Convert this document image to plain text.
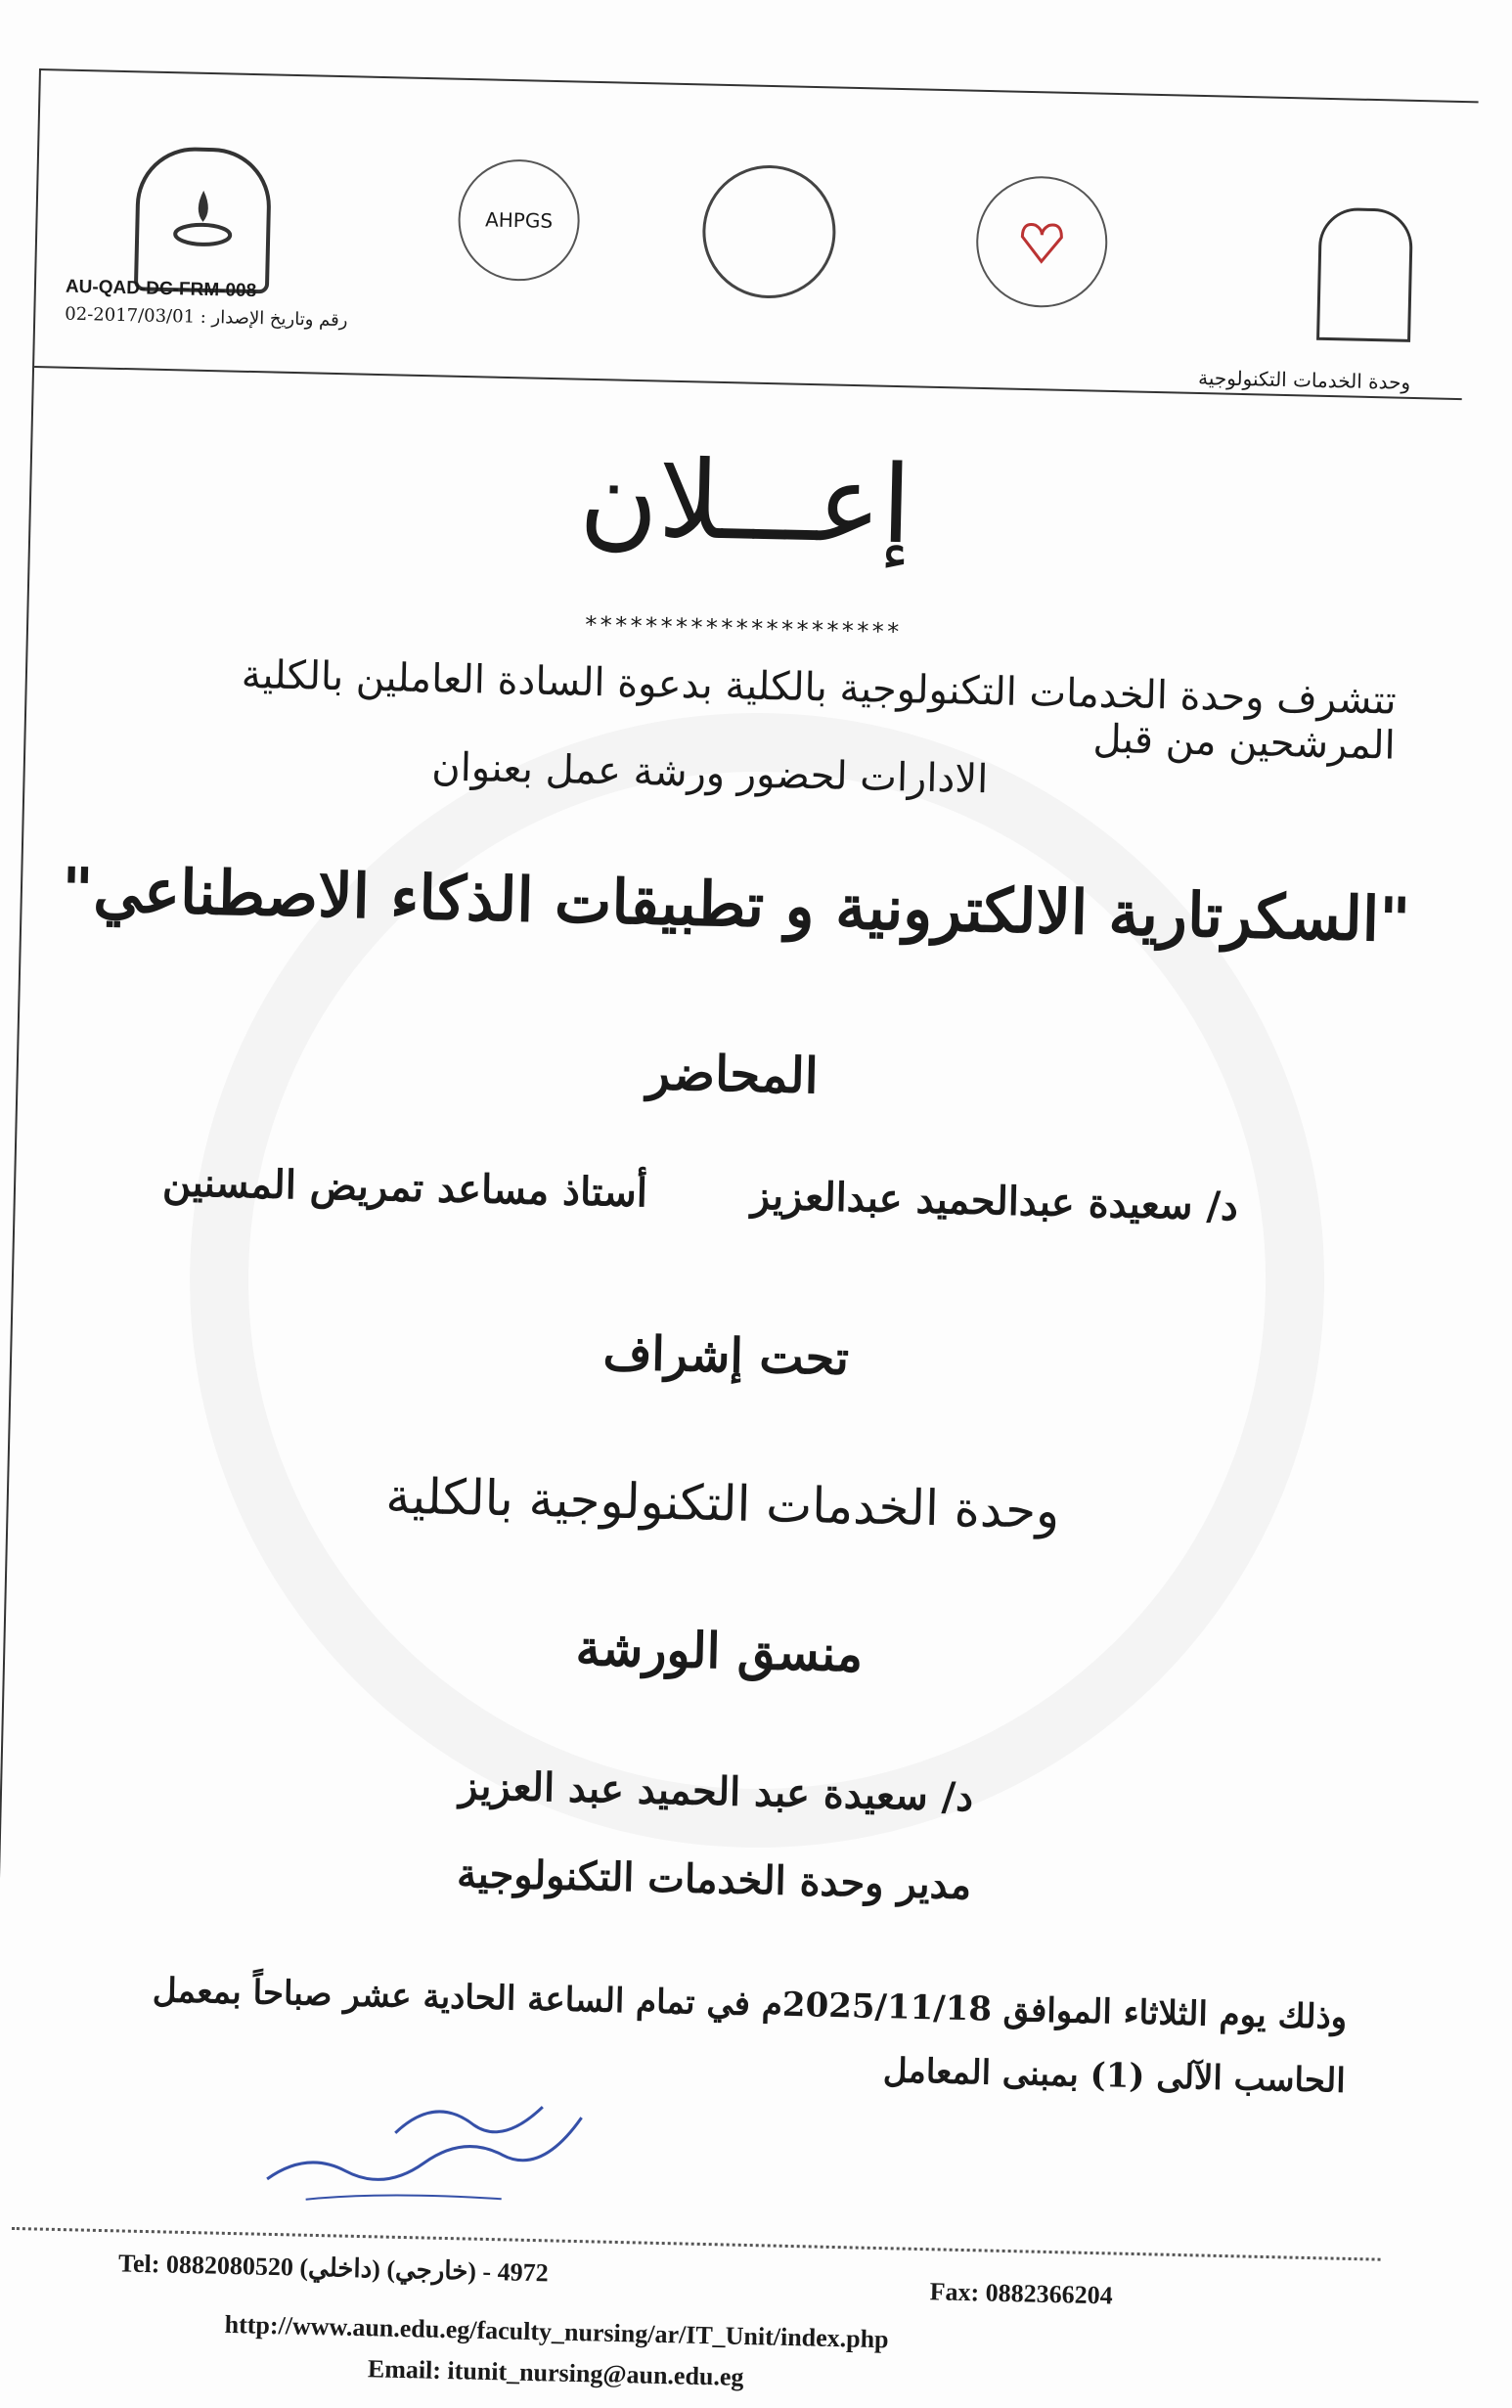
AHPGS
AU-QAD-DC-FRM-008
رقم وتاريخ الإصدار : 2017/03/01-02
وحدة الخدمات التكنولوجية
إعـــلان
*********************
تتشرف وحدة الخدمات التكنولوجية بالكلية بدعوة السادة العاملين بالكلية المرشحين من قبل
الادارات لحضور ورشة عمل بعنوان
"السكرتارية الالكترونية و تطبيقات الذكاء الاصطناعي"
المحاضر
د/ سعيدة عبدالحميد عبدالعزيز
أستاذ مساعد تمريض المسنين
تحت إشراف
وحدة الخدمات التكنولوجية بالكلية
منسق الورشة
د/ سعيدة عبد الحميد عبد العزيز
مدير وحدة الخدمات التكنولوجية
وذلك يوم الثلاثاء الموافق 2025/11/18م في تمام الساعة الحادية عشر صباحاً بمعمل
الحاسب الآلى (1) بمبنى المعامل
Tel: 0882080520 (داخلي) 4972 - (خارجي)
Fax: 0882366204
http://www.aun.edu.eg/faculty_nursing/ar/IT_Unit/index.php
Email: itunit_nursing@aun.edu.eg
